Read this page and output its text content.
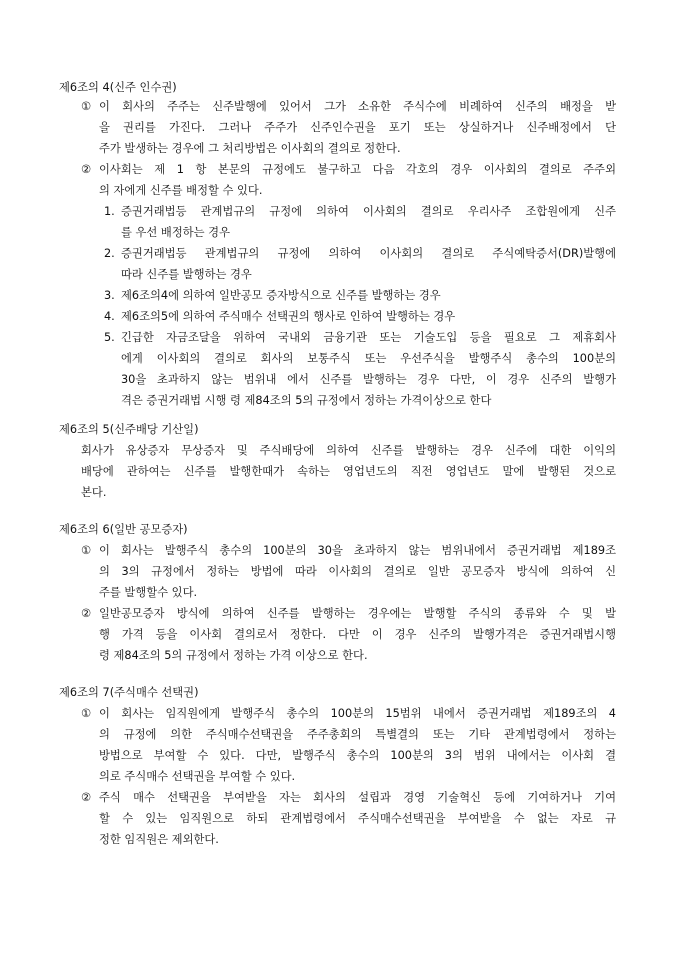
제6조의 4(신주 인수권)
① 이 회사의 주주는 신주발행에 있어서 그가 소유한 주식수에 비례하여 신주의 배정을 받
을 권리를 가진다. 그러나 주주가 신주인수권을 포기 또는 상실하거나 신주배정에서 단
주가 발생하는 경우에 그 처리방법은 이사회의 결의로 정한다.
② 이사회는 제 1 항 본문의 규정에도 불구하고 다음 각호의 경우 이사회의 결의로 주주외
의 자에게 신주를 배정할 수 있다.
1. 증권거래법등 관계법규의 규정에 의하여 이사회의 결의로 우리사주 조합원에게 신주
를 우선 배정하는 경우
2. 증권거래법등 관계법규의 규정에 의하여 이사회의 결의로 주식예탁증서(DR)발행에
따라 신주를 발행하는 경우
3. 제6조의4에 의하여 일반공모 증자방식으로 신주를 발행하는 경우
4. 제6조의5에 의하여 주식매수 선택권의 행사로 인하여 발행하는 경우
5. 긴급한 자금조달을 위하여 국내외 금융기관 또는 기술도입 등을 필요로 그 제휴회사
에게 이사회의 결의로 회사의 보통주식 또는 우선주식을 발행주식 총수의 100분의
30을 초과하지 않는 범위내 에서 신주를 발행하는 경우 다만, 이 경우 신주의 발행가
격은 증권거래법 시행 령 제84조의 5의 규정에서 정하는 가격이상으로 한다
제6조의 5(신주배당 기산일)
회사가 유상증자 무상증자 및 주식배당에 의하여 신주를 발행하는 경우 신주에 대한 이익의
배당에 관하여는 신주를 발행한때가 속하는 영업년도의 직전 영업년도 말에 발행된 것으로
본다.
제6조의 6(일반 공모증자)
① 이 회사는 발행주식 총수의 100분의 30을 초과하지 않는 범위내에서 증권거래법 제189조
의 3의 규정에서 정하는 방법에 따라 이사회의 결의로 일반 공모증자 방식에 의하여 신
주를 발행할수 있다.
② 일반공모증자 방식에 의하여 신주를 발행하는 경우에는 발행할 주식의 종류와 수 및 발
행 가격 등을 이사회 결의로서 정한다. 다만 이 경우 신주의 발행가격은 증권거래법시행
령 제84조의 5의 규정에서 정하는 가격 이상으로 한다.
제6조의 7(주식매수 선택권)
① 이 회사는 임직원에게 발행주식 총수의 100분의 15범위 내에서 증권거래법 제189조의 4
의 규정에 의한 주식매수선택권을 주주총회의 특별결의 또는 기타 관계법령에서 정하는
방법으로 부여할 수 있다. 다만, 발행주식 총수의 100분의 3의 범위 내에서는 이사회 결
의로 주식매수 선택권을 부여할 수 있다.
② 주식 매수 선택권을 부여받을 자는 회사의 설립과 경영 기술혁신 등에 기여하거나 기여
할 수 있는 임직원으로 하되 관계법령에서 주식매수선택권을 부여받을 수 없는 자로 규
정한 임직원은 제외한다.
